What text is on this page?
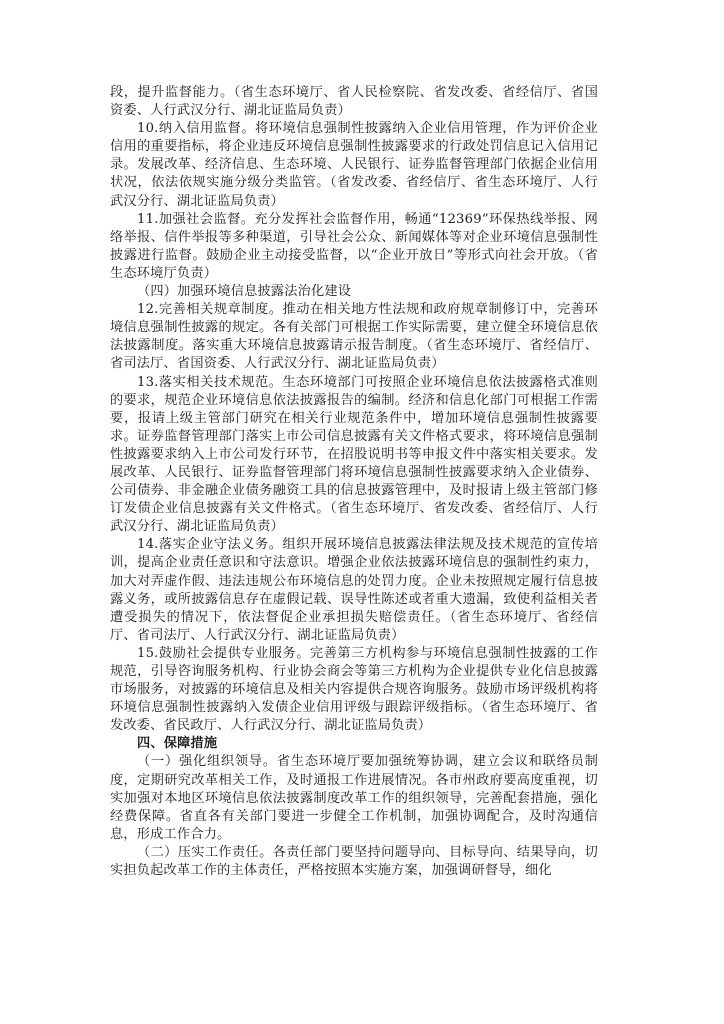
段，提升监督能力。（省生态环境厅、省人民检察院、省发改委、省经信厅、省国资委、人行武汉分行、湖北证监局负责）

10.纳入信用监督。将环境信息强制性披露纳入企业信用管理，作为评价企业信用的重要指标，将企业违反环境信息强制性披露要求的行政处罚信息记入信用记录。发展改革、经济信息、生态环境、人民银行、证券监督管理部门依据企业信用状况，依法依规实施分级分类监管。（省发改委、省经信厅、省生态环境厅、人行武汉分行、湖北证监局负责）

11.加强社会监督。充分发挥社会监督作用，畅通“12369”环保热线举报、网络举报、信件举报等多种渠道，引导社会公众、新闻媒体等对企业环境信息强制性披露进行监督。鼓励企业主动接受监督，以“企业开放日”等形式向社会开放。（省生态环境厅负责）

（四）加强环境信息披露法治化建设

12.完善相关规章制度。推动在相关地方性法规和政府规章制修订中，完善环境信息强制性披露的规定。各有关部门可根据工作实际需要，建立健全环境信息依法披露制度。落实重大环境信息披露请示报告制度。（省生态环境厅、省经信厅、省司法厅、省国资委、人行武汉分行、湖北证监局负责）

13.落实相关技术规范。生态环境部门可按照企业环境信息依法披露格式准则的要求，规范企业环境信息依法披露报告的编制。经济和信息化部门可根据工作需要，报请上级主管部门研究在相关行业规范条件中，增加环境信息强制性披露要求。证券监督管理部门落实上市公司信息披露有关文件格式要求，将环境信息强制性披露要求纳入上市公司发行环节，在招股说明书等申报文件中落实相关要求。发展改革、人民银行、证券监督管理部门将环境信息强制性披露要求纳入企业债券、公司债券、非金融企业债务融资工具的信息披露管理中，及时报请上级主管部门修订发债企业信息披露有关文件格式。（省生态环境厅、省发改委、省经信厅、人行武汉分行、湖北证监局负责）

14.落实企业守法义务。组织开展环境信息披露法律法规及技术规范的宣传培训，提高企业责任意识和守法意识。增强企业依法披露环境信息的强制性约束力，加大对弄虚作假、违法违规公布环境信息的处罚力度。企业未按照规定履行信息披露义务，或所披露信息存在虚假记载、误导性陈述或者重大遗漏，致使利益相关者遭受损失的情况下，依法督促企业承担损失赔偿责任。（省生态环境厅、省经信厅、省司法厅、人行武汉分行、湖北证监局负责）

15.鼓励社会提供专业服务。完善第三方机构参与环境信息强制性披露的工作规范，引导咨询服务机构、行业协会商会等第三方机构为企业提供专业化信息披露市场服务，对披露的环境信息及相关内容提供合规咨询服务。鼓励市场评级机构将环境信息强制性披露纳入发债企业信用评级与跟踪评级指标。（省生态环境厅、省发改委、省民政厅、人行武汉分行、湖北证监局负责）

四、保障措施

（一）强化组织领导。省生态环境厅要加强统筹协调，建立会议和联络员制度，定期研究改革相关工作，及时通报工作进展情况。各市州政府要高度重视，切实加强对本地区环境信息依法披露制度改革工作的组织领导，完善配套措施，强化经费保障。省直各有关部门要进一步健全工作机制，加强协调配合，及时沟通信息，形成工作合力。

（二）压实工作责任。各责任部门要坚持问题导向、目标导向、结果导向，切实担负起改革工作的主体责任，严格按照本实施方案，加强调研督导，细化
